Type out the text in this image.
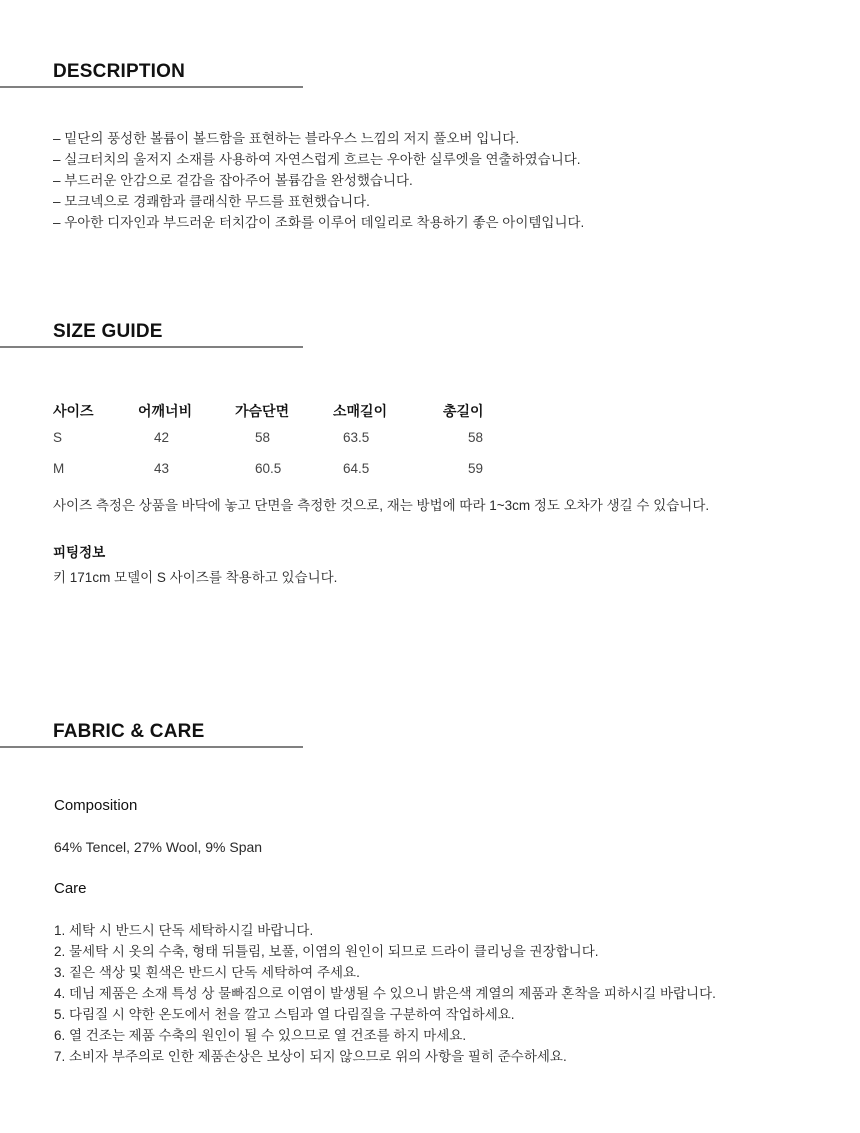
DESCRIPTION
– 밑단의 풍성한 볼륨이 볼드함을 표현하는 블라우스 느낌의 저지 풀오버 입니다.
– 실크터치의 울저지 소재를 사용하여 자연스럽게 흐르는 우아한 실루엣을 연출하였습니다.
– 부드러운 안감으로 겉감을 잡아주어 볼륨감을 완성했습니다.
– 모크넥으로 경쾌함과 클래식한 무드를 표현했습니다.
– 우아한 디자인과 부드러운 터치감이 조화를 이루어 데일리로 착용하기 좋은 아이템입니다.
SIZE GUIDE
사이즈	어깨너비	가슴단면	소매길이	총길이
S	42	58	63.5	58
M	43	60.5	64.5	59

사이즈 측정은 상품을 바닥에 놓고 단면을 측정한 것으로, 재는 방법에 따라 1~3cm 정도 오차가 생길 수 있습니다.

피팅정보

키 171cm 모델이 S 사이즈를 착용하고 있습니다.

FABRIC & CARE
Composition

64% Tencel, 27% Wool, 9% Span

Care
1. 세탁 시 반드시 단독 세탁하시길 바랍니다.
2. 물세탁 시 옷의 수축, 형태 뒤틀림, 보풀, 이염의 원인이 되므로 드라이 클리닝을 권장합니다.
3. 짙은 색상 및 흰색은 반드시 단독 세탁하여 주세요.
4. 데님 제품은 소재 특성 상 물빠짐으로 이염이 발생될 수 있으니 밝은색 계열의 제품과 혼착을 피하시길 바랍니다.
5. 다림질 시 약한 온도에서 천을 깔고 스팀과 열 다림질을 구분하여 작업하세요.
6. 열 건조는 제품 수축의 원인이 될 수 있으므로 열 건조를 하지 마세요.
7. 소비자 부주의로 인한 제품손상은 보상이 되지 않으므로 위의 사항을 필히 준수하세요.
